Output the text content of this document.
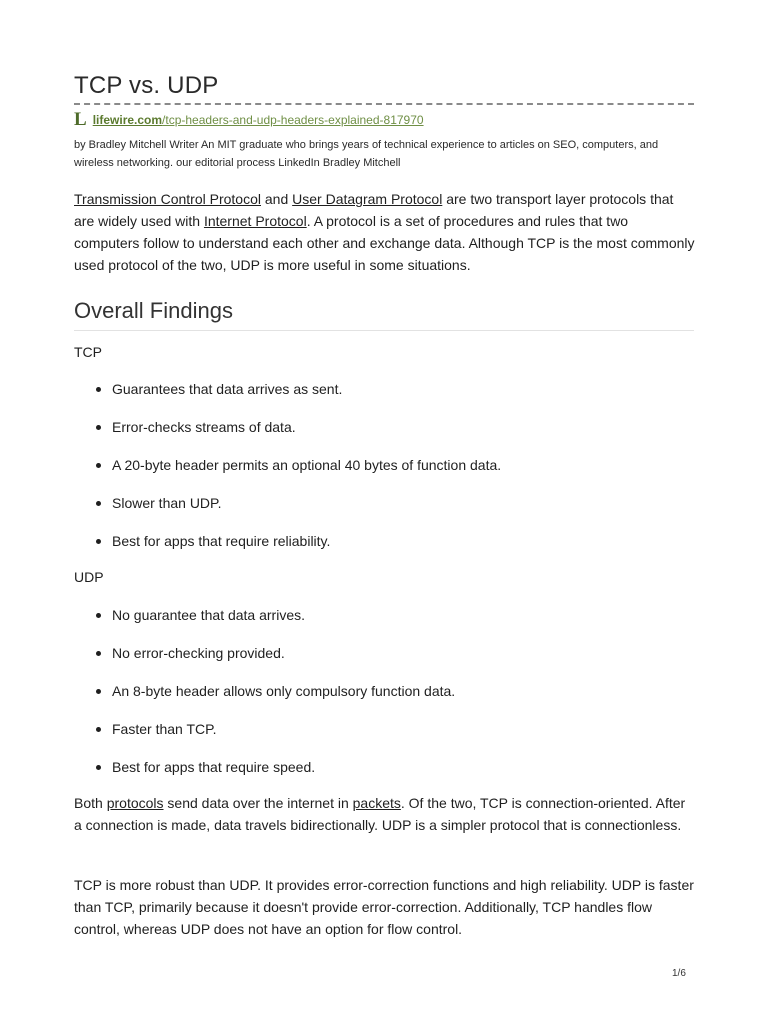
TCP vs. UDP
L lifewire.com /tcp-headers-and-udp-headers-explained-817970
by Bradley Mitchell Writer An MIT graduate who brings years of technical experience to articles on SEO, computers, and wireless networking. our editorial process LinkedIn Bradley Mitchell

Transmission Control Protocol and User Datagram Protocol are two transport layer protocols that are widely used with Internet Protocol. A protocol is a set of procedures and rules that two computers follow to understand each other and exchange data. Although TCP is the most commonly used protocol of the two, UDP is more useful in some situations.

Overall Findings
TCP
Guarantees that data arrives as sent.
Error-checks streams of data.
A 20-byte header permits an optional 40 bytes of function data.
Slower than UDP.
Best for apps that require reliability.
UDP
No guarantee that data arrives.
No error-checking provided.
An 8-byte header allows only compulsory function data.
Faster than TCP.
Best for apps that require speed.

Both protocols send data over the internet in packets. Of the two, TCP is connection-oriented. After a connection is made, data travels bidirectionally. UDP is a simpler protocol that is connectionless.

TCP is more robust than UDP. It provides error-correction functions and high reliability. UDP is faster than TCP, primarily because it doesn't provide error-correction. Additionally, TCP handles flow control, whereas UDP does not have an option for flow control.

1/6
